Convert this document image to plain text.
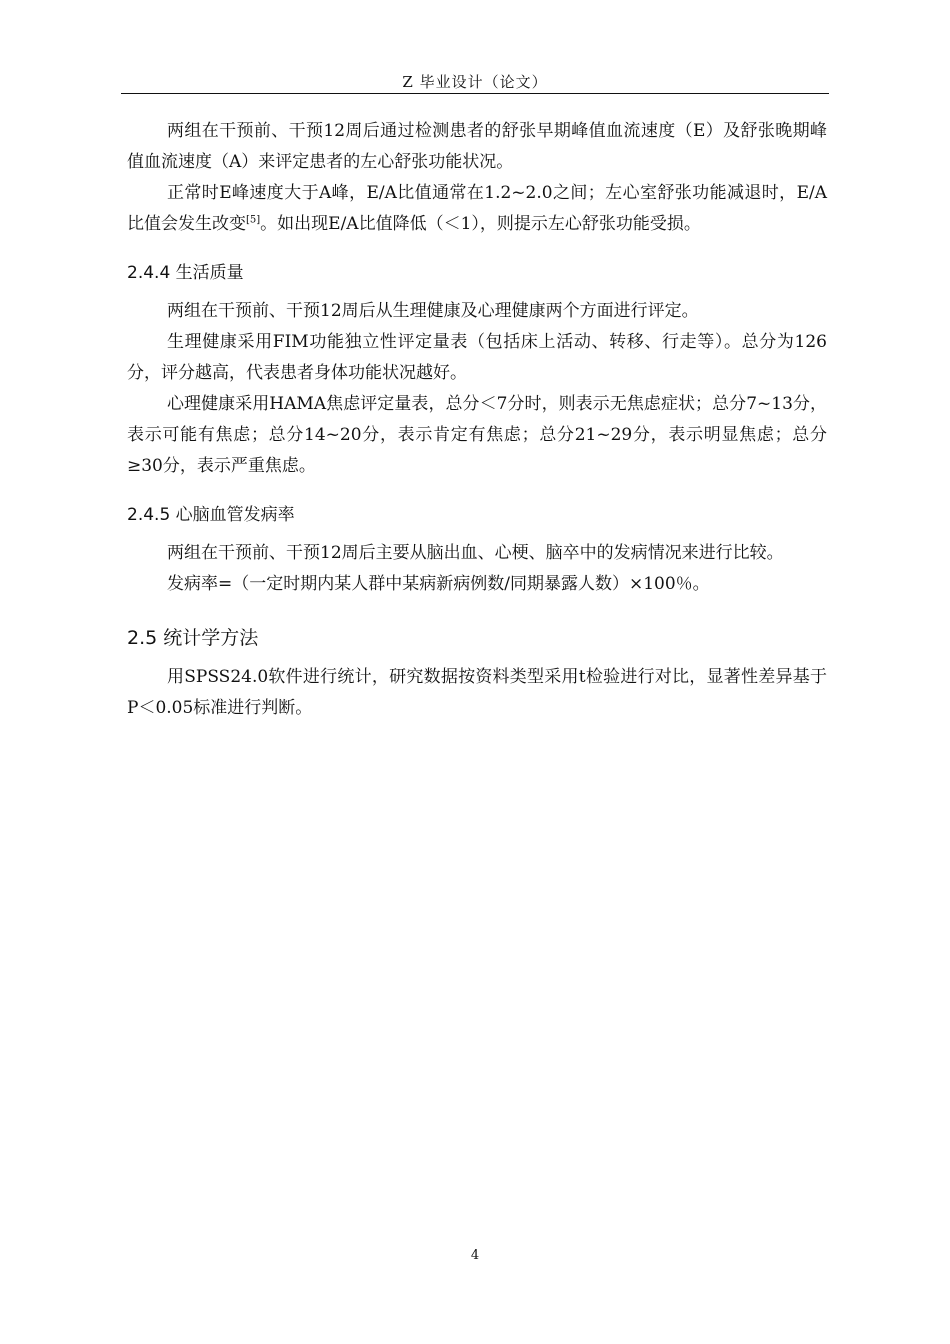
Z 毕业设计（论文）

两组在干预前、干预12周后通过检测患者的舒张早期峰值血流速度（E）及舒张晚期峰值血流速度（A）来评定患者的左心舒张功能状况。

正常时E峰速度大于A峰，E/A比值通常在1.2~2.0之间；左心室舒张功能减退时，E/A比值会发生改变[5]。如出现E/A比值降低（＜1），则提示左心舒张功能受损。

2.4.4 生活质量

两组在干预前、干预12周后从生理健康及心理健康两个方面进行评定。

生理健康采用FIM功能独立性评定量表（包括床上活动、转移、行走等）。总分为126分，评分越高，代表患者身体功能状况越好。

心理健康采用HAMA焦虑评定量表，总分＜7分时，则表示无焦虑症状；总分7~13分，表示可能有焦虑；总分14~20分，表示肯定有焦虑；总分21~29分，表示明显焦虑；总分≥30分，表示严重焦虑。

2.4.5 心脑血管发病率

两组在干预前、干预12周后主要从脑出血、心梗、脑卒中的发病情况来进行比较。

发病率=（一定时期内某人群中某病新病例数/同期暴露人数）×100％。

2.5 统计学方法

用SPSS24.0软件进行统计，研究数据按资料类型采用t检验进行对比，显著性差异基于P＜0.05标准进行判断。

4
